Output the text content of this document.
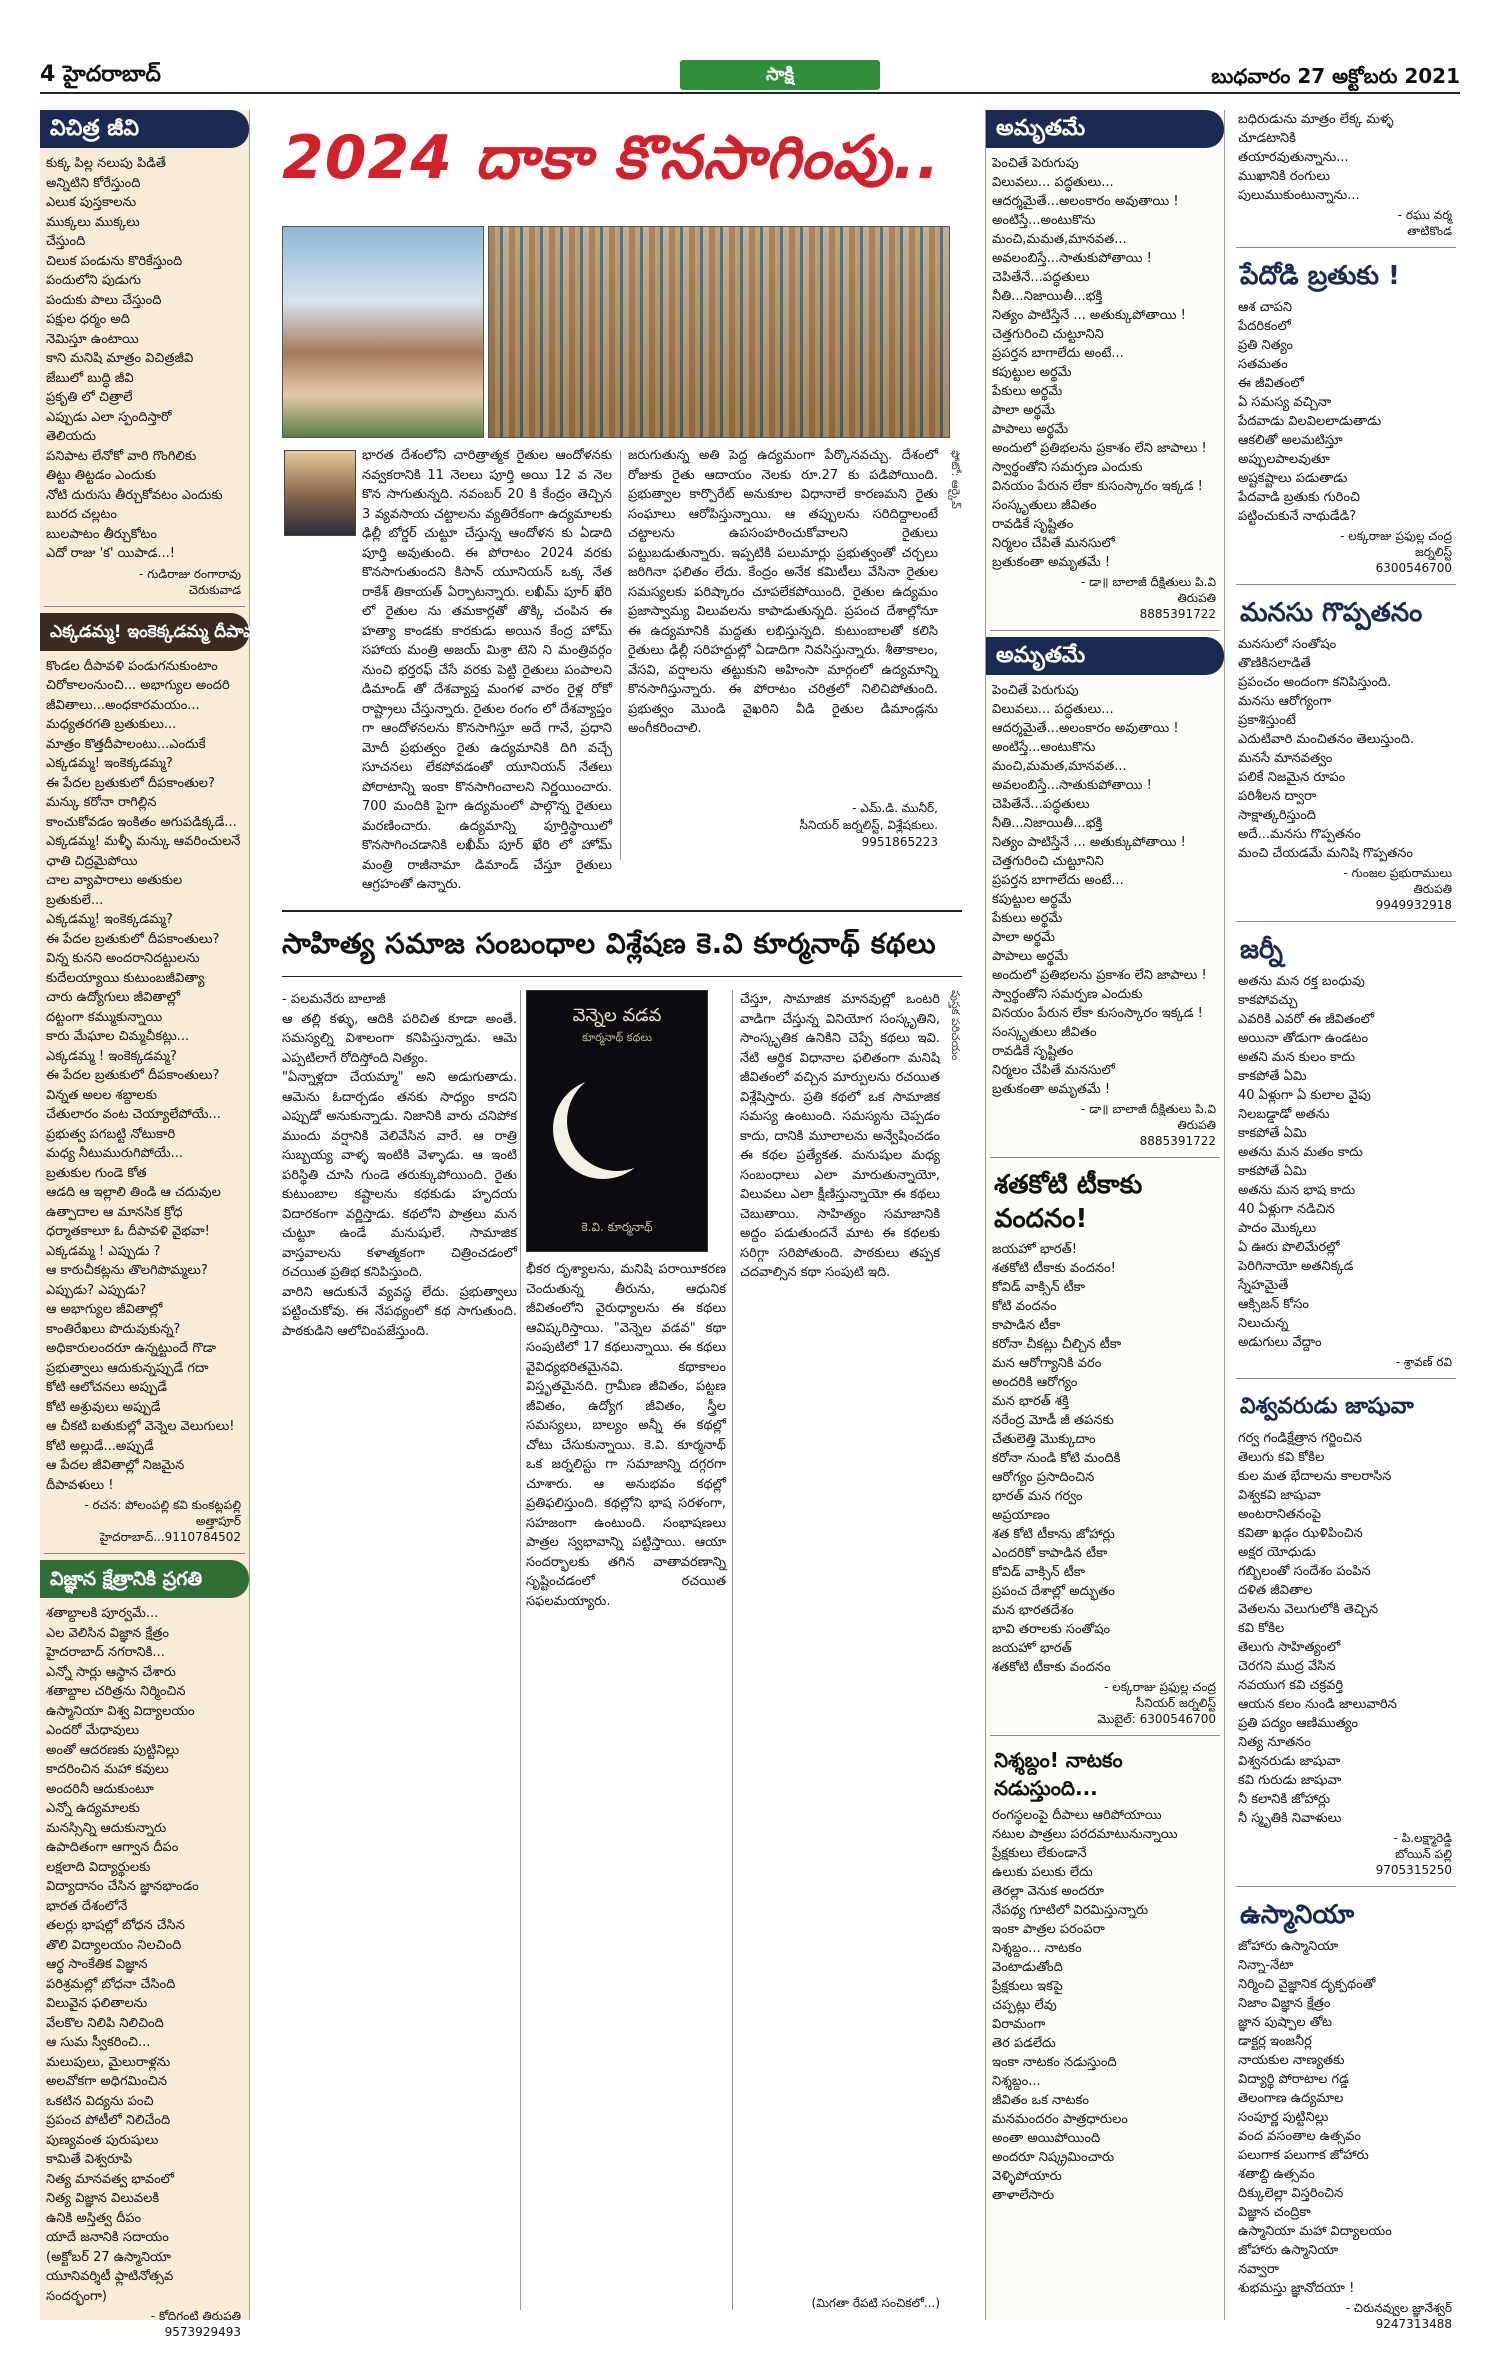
4 హైదరాబాద్	సాక్షి	బుధవారం 27 అక్టోబరు 2021
విచిత్ర జీవి
కుక్క పిల్ల నలుపు పిడితే
అన్నిటిని కోరేస్తుంది
ఎలుక పుస్తకాలను
ముక్కలు ముక్కలు
చేస్తుంది
చిలుక పండును కొరికేస్తుంది
పందులోని పుడుగు
పందుకు పాలు చేస్తుంది
పక్షుల ధర్మం అది
నెమిస్తూ ఉంటాయి
కాని మనిషి మాత్రం విచిత్రజీవి
జేబులో బుద్ధి జీవి
ప్రకృతి లో చిత్రాలే
ఎప్పుడు ఎలా స్పందిస్తారో
తెలియదు
పనిపాట లేనోకో వారి గొంగిలికు
తిట్టు తిట్టడం ఎందుకు
నోటి దురుసు తీర్చుకోవటం ఎందుకు
బురద చల్లటం
బులపాటం తీర్చుకోటం
ఎదో రాజు 'క' యిపాడ...!
- గుడిరాజు రంగారావు
చెరుకువాడ
ఎక్కడమ్మ! ఇంకెక్కడమ్మ దీపావళి..?
కొండల దీపావళి పండుగనుకుంటాం
చిరోకాలంనుంచి... అభాగ్యుల అందరి
జీవితాలు...అంధకారమయం...
మధ్యతరగతి బ్రతుకులు...
మాత్రం కొత్తదీపాలంటు...ఎందుకే
ఎక్కడమ్మ! ఇంకెక్కడమ్మ?
ఈ పేదల బ్రతుకులో దీపకాంతుల?
మన్కు కరోనా రాగిల్లిన
కాంచుకోవడం ఇంకితం అగుపడిక్కడే...
ఎక్కడమ్మ! మళ్ళీ మన్కు ఆవరించులనే
ఛాతి చిద్రమైపోయి
చాల వ్యాపారాలు అతుకుల బ్రతుకులే...
ఎక్కడమ్మ! ఇంకెక్కడమ్మ?
ఈ పేదల బ్రతుకులో దీపకాంతులు?
విన్న కునని అందరానిదట్టులను
కుదేలయ్యాయి కుటుంబజీవిత్యా
చారు ఉద్యోగులు జీవితాల్లో
దట్టంగా కమ్ముకున్నాయి
కారు మేఘాల చిమ్మచీకట్లు...
ఎక్కడమ్మ ! ఇంకెక్కడమ్మ?
ఈ పేదల బ్రతుకులో దీపకాంతులు?
విన్నత అలల శబ్దాలకు
చేతులారం వంట చెయ్యాలేపోయే...
ప్రభుత్వ పగబట్టి నోటుకారి
మధ్య నీటుమురుగిపోయే...
బ్రతుకుల గుండె కోత
ఆడది ఆ ఇల్లాలి తిండి ఆ చదువుల
ఉత్పాదాల ఆ మానసిక క్రోధ
ధర్మాతకాలూ ఓ దీపావళి వైభవా!
ఎక్కడమ్మ ! ఎప్పుడు ?
ఆ కారుచీకట్లను తొలగిపొమ్మలు?
ఎప్పుడు? ఎప్పుడు?
ఆ అభాగ్యుల జీవితాల్లో
కాంతిరేఖలు పొదువుకున్న?
అధికారులందరూ ఉన్నట్టుందే గొడా
ప్రభుత్వాలు ఆదుకున్నప్పుడే గదా
కోటి ఆలోచనలు అప్పుడే
కోటి అశ్రువులు అప్పుడే
ఆ చీకటి బతుకుల్లో వెన్నెల వెలుగులు!
కోటి అల్లుడే...అప్పుడే
ఆ పేదల జీవితాల్లో నిజమైన
దీపావళులు !
- రచన: పోలంపల్లి కవి కుంకట్లపల్లి
అత్తాపూర్
హైదరాబాద్...9110784502
విజ్ఞాన క్షేత్రానికి ప్రగతి
శతాబ్దాలకి పూర్వమే...
ఎల వెలిసిన విజ్ఞాన క్షేత్రం
హైదరాబాద్ నగరానికి...
ఎన్నో సార్లు ఆస్థాన చేశారు
శతాబ్దాల చరిత్రను నిర్మించిన
ఉస్మానియా విశ్వ విద్యాలయం
ఎందరో మేధావులు
అంతో ఆదరణకు పుట్టినిల్లు
కాదరించిన మహా కవులు
అందరినీ ఆదుకుంటూ
ఎన్నో ఉద్యమాలకు
మనస్సిన్ని ఆదుకున్నారు
ఉపాదితంగా ఆగ్వాన దీపం
లక్షలాది విద్యార్థులకు
విద్యాదానం చేసిన జ్ఞానభాండం
భారత దేశంలోనే
తలర్లు భాషల్లో బోధన చేసిన
తొలి విద్యాలయం నిలచింది
ఆర్థ సాంకేతిక విజ్ఞాన
పరిశ్రమల్లో బోధనా చేసింది
విలువైన ఫలితాలను
వేలకొల నిలిపి నిలిచింది
ఆ సుమ స్వీకరించి...
మలుపులు, మైలురాళ్లను
అలవోకగా అధిగమించిన
ఒకటిన విద్యను పంచి
ప్రపంచ పోటీలో నిలిచేంది
పుణ్యవంత పురుషులు
కామితే విశ్వరూపి
నిత్య మానవత్వ భావంలో
నిత్య విజ్ఞాన విలువలకి
ఉనికి అస్తిత్వ దీపం
యాదే జనానికి సదాయం
(అక్టోబర్ 27 ఉస్మానియా
యూనివర్శిటీ ఫ్లాటినోత్సవ
సందర్భంగా)
- కోదిగంటి తిరుపతి
9573929493
2024 దాకా కొనసాగింపు..
భారత దేశంలోని చారిత్రాత్మక రైతుల ఆందోళనకు నవ్వకరానికి 11 నెలలు పూర్తి అయి 12 వ నెల కొన సాగుతున్నది. నవంబర్ 20 కి కేంద్రం తెచ్చిన 3 వ్యవసాయ చట్టాలను వ్యతిరేకంగా ఉద్యమాలకు ఢిల్లీ బోర్డర్ చుట్టూ చేస్తున్న ఆందోళన కు ఏడాది పూర్తి అవుతుంది. ఈ పోరాటం 2024 వరకు కొనసాగుతుందని కిసాన్ యూనియన్ ఒక్క నేత రాకేశ్ తికాయత్ ఏర్పాటన్నారు. లఖీమ్ పూర్ ఖేరి లో రైతుల ను తమకార్లతో తొక్కి చంపిన ఈ హత్యా కాండకు కారకుడు అయిన కేంద్ర హోమ్ సహాయ మంత్రి అజయ్ మిశ్రా టెని ని మంత్రివర్గం నుంచి భర్తరఫ్ చేసే వరకు పెట్టి రైతులు పంపాలని డిమాండ్ తో దేశవ్యాప్త మంగళ వారం రైళ్ల రోకో రాష్ట్రాలు చేస్తున్నారు. రైతుల రంగం లో దేశవ్యాప్తం గా ఆందోళనలను కొనసాగిస్తూ అదే గానే, ప్రధాని మోదీ ప్రభుత్వం రైతు ఉద్యమానికి దిగి వచ్చే సూచనలు లేకపోవడంతో యూనియన్ నేతలు పోరాటాన్ని ఇంకా కొనసాగించాలని నిర్ణయించారు. 700 మందికి పైగా ఉద్యమంలో పాల్గొన్న రైతులు మరణించారు. ఉద్యమాన్ని పూర్తిస్థాయిలో కొనసాగించడానికి లఖీమ్ పూర్ ఖేరి లో హోమ్ మంత్రి రాజీనామా డిమాండ్ చేస్తూ రైతులు ఆగ్రహంతో ఉన్నారు.
జరుగుతున్న అతి పెద్ద ఉద్యమంగా పేర్కొనవచ్చు. దేశంలో రోజుకు రైతు ఆదాయం నెలకు రూ.27 కు పడిపోయింది. ప్రభుత్వాల కార్పొరేట్ అనుకూల విధానాలే కారణమని రైతు సంఘాలు ఆరోపిస్తున్నాయి. ఆ తప్పులను సరిదిద్దాలంటే చట్టాలను ఉపసంహరించుకోవాలని రైతులు పట్టుబడుతున్నారు. ఇప్పటికి పలుమార్లు ప్రభుత్వంతో చర్చలు జరిగినా ఫలితం లేదు. కేంద్రం అనేక కమిటీలు వేసినా రైతుల సమస్యలకు పరిష్కారం చూపలేకపోయింది. రైతుల ఉద్యమం ప్రజాస్వామ్య విలువలను కాపాడుతున్నది. ప్రపంచ దేశాల్లోనూ ఈ ఉద్యమానికి మద్దతు లభిస్తున్నది. కుటుంబాలతో కలిసి రైతులు ఢిల్లీ సరిహద్దుల్లో ఏడాదిగా నివసిస్తున్నారు. శీతాకాలం, వేసవి, వర్షాలను తట్టుకుని అహింసా మార్గంలో ఉద్యమాన్ని కొనసాగిస్తున్నారు. ఈ పోరాటం చరిత్రలో నిలిచిపోతుంది. ప్రభుత్వం మొండి వైఖరిని వీడి రైతుల డిమాండ్లను అంగీకరించాలి.
ఫోటో: ఆర్కైవ్
- ఎమ్.డి. మునీర్,
సీనియర్ జర్నలిస్ట్, విశ్లేషకులు.
9951865223
సాహిత్య సమాజ సంబంధాల విశ్లేషణ కె.వి కూర్మనాథ్ కథలు
- పలమనేరు బాలాజీ
ఆ తల్లి కళ్ళు, ఆదికి పరిచిత కూడా అంతే. సమస్యల్ని విశాలంగా కనిపిస్తున్నాడు. ఆమె ఎప్పటిలాగే రోదిస్తోంది నిత్యం.
"ఏన్నాళ్లదా చేయమ్మా" అని అడుగుతాడు. ఆమెను ఓదార్చడం తనకు సాధ్యం కాదని ఎప్పుడో అనుకున్నాడు. నిజానికి వారు చనిపోక ముందు వర్షానికి వెలివేసిన వారే. ఆ రాత్రి సుబ్బయ్య వాళ్ళ ఇంటికి వెళ్ళాడు. ఆ ఇంటి పరిస్థితి చూసి గుండె తరుక్కుపోయింది. రైతు కుటుంబాల కష్టాలను కథకుడు హృదయ విదారకంగా వర్ణిస్తాడు. కథలోని పాత్రలు మన చుట్టూ ఉండే మనుషులే. సామాజిక వాస్తవాలను కళాత్మకంగా చిత్రించడంలో రచయిత ప్రతిభ కనిపిస్తుంది.
వారిని ఆదుకునే వ్యవస్థ లేదు. ప్రభుత్వాలు పట్టించుకోవు. ఈ నేపథ్యంలో కథ సాగుతుంది. పాఠకుడిని ఆలోచింపజేస్తుంది.
వెన్నెల వడవ
కూర్మనాథ్ కథలు
కె.వి. కూర్మనాథ్
భీకర దృశ్యాలను, మనిషి పరాయీకరణ చెందుతున్న తీరును, ఆధునిక జీవితంలోని వైరుధ్యాలను ఈ కథలు ఆవిష్కరిస్తాయి. "వెన్నెల వడవ" కథా సంపుటిలో 17 కథలున్నాయి. ఈ కథలు వైవిధ్యభరితమైనవి. కథాకాలం విస్తృతమైనది. గ్రామీణ జీవితం, పట్టణ జీవితం, ఉద్యోగ జీవితం, స్త్రీల సమస్యలు, బాల్యం అన్నీ ఈ కథల్లో చోటు చేసుకున్నాయి. కె.వి. కూర్మనాథ్ ఒక జర్నలిస్టు గా సమాజాన్ని దగ్గరగా చూశారు. ఆ అనుభవం కథల్లో ప్రతిఫలిస్తుంది. కథల్లోని భాష సరళంగా, సహజంగా ఉంటుంది. సంభాషణలు పాత్రల స్వభావాన్ని పట్టిస్తాయి. ఆయా సందర్భాలకు తగిన వాతావరణాన్ని సృష్టించడంలో రచయిత సఫలమయ్యారు.
చేస్తూ, సామాజిక మానవుల్లో ఒంటరి వాడిగా చేస్తున్న వినియోగ సంస్కృతిని, సాంస్కృతిక ఉనికిని చెప్పే కథలు ఇవి. నేటి ఆర్థిక విధానాల ఫలితంగా మనిషి జీవితంలో వచ్చిన మార్పులను రచయిత విశ్లేషిస్తారు. ప్రతి కథలో ఒక సామాజిక సమస్య ఉంటుంది. సమస్యను చెప్పడం కాదు, దానికి మూలాలను అన్వేషించడం ఈ కథల ప్రత్యేకత. మనుషుల మధ్య సంబంధాలు ఎలా మారుతున్నాయో, విలువలు ఎలా క్షీణిస్తున్నాయో ఈ కథలు చెబుతాయి. సాహిత్యం సమాజానికి అద్దం పడుతుందనే మాట ఈ కథలకు సరిగ్గా సరిపోతుంది. పాఠకులు తప్పక చదవాల్సిన కథా సంపుటి ఇది.
పుస్తక పరిచయం
(మిగతా రేపటి సంచికలో...)
అమృతమే
పెంచితే పెరుగుపు
విలువలు... పద్ధతులు...
ఆదర్శమైతే...అలంకారం అవుతాయి !
అంటిస్తే...అంటుకొను
మంచి,మమత,మానవత...
అవలంబిస్తే...సాతుకుపోతాయి !
చెపితేనే...పద్ధతులు
నీతి...నిజాయితీ...భక్తి
నిత్యం పాటిస్తేనే ... అతుక్కుపోతాయి !
చెత్తగురించి చుట్టూనిని
ప్రపర్తన బాగాలేదు అంటే...
కపుట్టుల అర్థమే
పేకులు అర్థమే
పాలా అర్థమే
పాపాలు అర్థమే
అందులో ప్రతిభలను ప్రకాశం లేని జాపాలు !
స్వార్థంతోని సమర్పణ ఎందుకు
వినయం పేరున లేకా కుసంస్కారం ఇక్కడ !
సంస్కృతులు జీవితం
రావడికే సృష్టితం
నిర్మలం చేపితే మనసులో
బ్రతుకంతా అమృతమే !
- డా॥ బాలాజీ దీక్షితులు పి.వి
తిరుపతి
8885391722
అమృతమే
పెంచితే పెరుగుపు
విలువలు... పద్ధతులు...
ఆదర్శమైతే...అలంకారం అవుతాయి !
అంటిస్తే...అంటుకొను
మంచి,మమత,మానవత...
అవలంబిస్తే...సాతుకుపోతాయి !
చెపితేనే...పద్ధతులు
నీతి...నిజాయితీ...భక్తి
నిత్యం పాటిస్తేనే ... అతుక్కుపోతాయి !
చెత్తగురించి చుట్టూనిని
ప్రపర్తన బాగాలేదు అంటే...
కపుట్టుల అర్థమే
పేకులు అర్థమే
పాలా అర్థమే
పాపాలు అర్థమే
అందులో ప్రతిభలను ప్రకాశం లేని జాపాలు !
స్వార్థంతోని సమర్పణ ఎందుకు
వినయం పేరున లేకా కుసంస్కారం ఇక్కడ !
సంస్కృతులు జీవితం
రావడికే సృష్టితం
నిర్మలం చేపితే మనసులో
బ్రతుకంతా అమృతమే !
- డా॥ బాలాజీ దీక్షితులు పి.వి
తిరుపతి
8885391722
శతకోటి టీకాకు వందనం!
జయహో భారత్!
శతకోటి టీకాకు వందనం!
కోవిడ్ వాక్సిన్ టీకా
కోటి వందనం
కాపాడిన టీకా
కరోనా చీకట్లు చీల్చిన టీకా
మన ఆరోగ్యానికి వరం
అందరికి ఆరోగ్యం
మన భారత్ శక్తి
నరేంద్ర మోడీ జీ తపనకు
చేతులెత్తి మొక్కుదాం
కరోనా నుండి కోటి మందికి
ఆరోగ్యం ప్రసాదించిన
భారత్ మన గర్వం
అప్రయాణం
శత కోటి టీకాను జోహార్లు
ఎందరికో కాపాడిన టీకా
కోవిడ్ వాక్సిన్ టీకా
ప్రపంచ దేశాల్లో అద్భుతం
మన భారతదేశం
భావి తరాలకు సంతోషం
జయహో భారత్
శతకోటి టీకాకు వందనం
- లక్కరాజు ప్రఫుల్ల చంద్ర
సీనియర్ జర్నలిస్ట్
మొబైల్: 6300546700
నిశ్శబ్దం! నాటకం నడుస్తుంది...
రంగస్థలంపై దీపాలు ఆరిపోయాయి
నటుల పాత్రలు పరదమాటునున్నాయి
ప్రేక్షకులు లేకుండానే
ఉలుకు పలుకు లేదు
తెరల్లా వెనుక అందరూ
నేపథ్య గూటిలో విరమిస్తున్నారు
ఇంకా పాత్రల పరంపరా
నిశ్శబ్దం... నాటకం
వెంటాడుతోంది
ప్రేక్షకులు ఇకపై
చప్పట్లు లేవు
విరామంగా
తెర పడలేదు
ఇంకా నాటకం నడుస్తుంది
నిశ్శబ్దం...
జీవితం ఒక నాటకం
మనమందరం పాత్రధారులం
అంతా అయిపోయింది
అందరూ నిష్క్రమించారు
వెళ్ళిపోయారు
తాళాలేసారు
బధిరుడును మాత్రం లేక్క మళ్ళ చూడటానికి
తయారవుతున్నాను...
ముఖానికి రంగులు పులుముకుంటున్నాను...
- రఘు వర్మ
తాటికొండ
పేదోడి బ్రతుకు !
ఆశ చాపని
పేదరికంలో
ప్రతి నిత్యం
సతమతం
ఈ జీవితంలో
ఏ సమస్య వచ్చినా
పేదవాడు విలవిలలాడుతాడు
ఆకలితో అలమటిస్తూ
అప్పులపాలవుతూ
అష్టకష్టాలు పడుతాడు
పేదవాడి బ్రతుకు గురించి
పట్టించుకునే నాథుడేడి?
- లక్కరాజు ప్రఫుల్ల చంద్ర
జర్నలిస్ట్
6300546700
మనసు గొప్పతనం
మనసులో సంతోషం
తొణికిసలాడితే
ప్రపంచం అందంగా కనిపిస్తుంది.
మనసు ఆరోగ్యంగా
ప్రకాశిస్తుంటే
ఎదుటివారి మంచితనం తెలుస్తుంది.
మనసే మానవత్వం
పలికే నిజమైన రూపం
పరిశీలన ద్వారా
సాక్షాత్కరిస్తుంది
అదే...మనసు గొప్పతనం
మంచి చేయడమే మనిషి గొప్పతనం
- గుంజల ప్రభురాములు
తిరుపతి
9949932918
జర్నీ
అతను మన రక్త బంధువు
కాకపోవచ్చు
ఎవరికి ఎవరో ఈ జీవితంలో
అయినా తోడుగా ఉండటం
అతని మన కులం కాదు
కాకపోతే ఏమి
40 ఏళ్లుగా ఏ కులాల వైపు
నిలబడ్డాడో అతను
కాకపోతే ఏమి
అతను మన మతం కాదు
కాకపోతే ఏమి
అతను మన భాష కాదు
40 ఏళ్లుగా నడిచిన
పాదం మొక్కలు
ఏ ఊరు పొలిమేరల్లో
పెరిగినాయో అతనిక్కడ
స్నేహమైతే
ఆక్సిజన్ కోసం
నిలుచున్న
అడుగులు వేద్దాం
- శ్రావణ్ రవి
విశ్వవరుడు జాషువా
గర్వ గండిక్షేత్రాన గర్జించిన
తెలుగు కవి కోకిల
కుల మత భేదాలను కాలరాసిన
విశ్వకవి జాషువా
అంటరానితనంపై
కవితా ఖడ్గం ఝళిపించిన
అక్షర యోధుడు
గబ్బిలంతో సందేశం పంపిన
దళిత జీవితాల
వెతలను వెలుగులోకి తెచ్చిన
కవి కోకిల
తెలుగు సాహిత్యంలో
చెరగని ముద్ర వేసిన
నవయుగ కవి చక్రవర్తి
ఆయన కలం నుండి జాలువారిన
ప్రతి పద్యం ఆణిముత్యం
నిత్య నూతనం
విశ్వనరుడు జాషువా
కవి గురుడు జాషువా
నీ కలానికి జోహార్లు
నీ స్మృతికి నివాళులు
- పి.లక్ష్మారెడ్డి
బోయిన్ పల్లి
9705315250
ఉస్మానియా
జోహారు ఉస్మానియా
నిన్నా-నేటా
నిర్మించి వైజ్ఞానిక దృక్పథంతో
నిజాం విజ్ఞాన క్షేత్రం
జ్ఞాన పుష్పాల తోట
డాక్టర్ల ఇంజనీర్ల
నాయకుల నాణ్యతకు
విద్యార్థి పోరాటాల గడ్డ
తెలంగాణ ఉద్యమాల
సంపూర్ణ పుట్టినిల్లు
వంద వసంతాల ఉత్సవం
పలుగాక పలుగాక జోహారు
శతాబ్ది ఉత్సవం
దిక్కులెల్లా విస్తరించిన
విజ్ఞాన చంద్రికా
ఉస్మానియా మహా విద్యాలయం
జోహారు ఉస్మానియా
నవ్వారా
శుభమస్తు జ్ఞానోదయా !
- చిరునవ్వుల జ్ఞానేశ్వర్
9247313488
